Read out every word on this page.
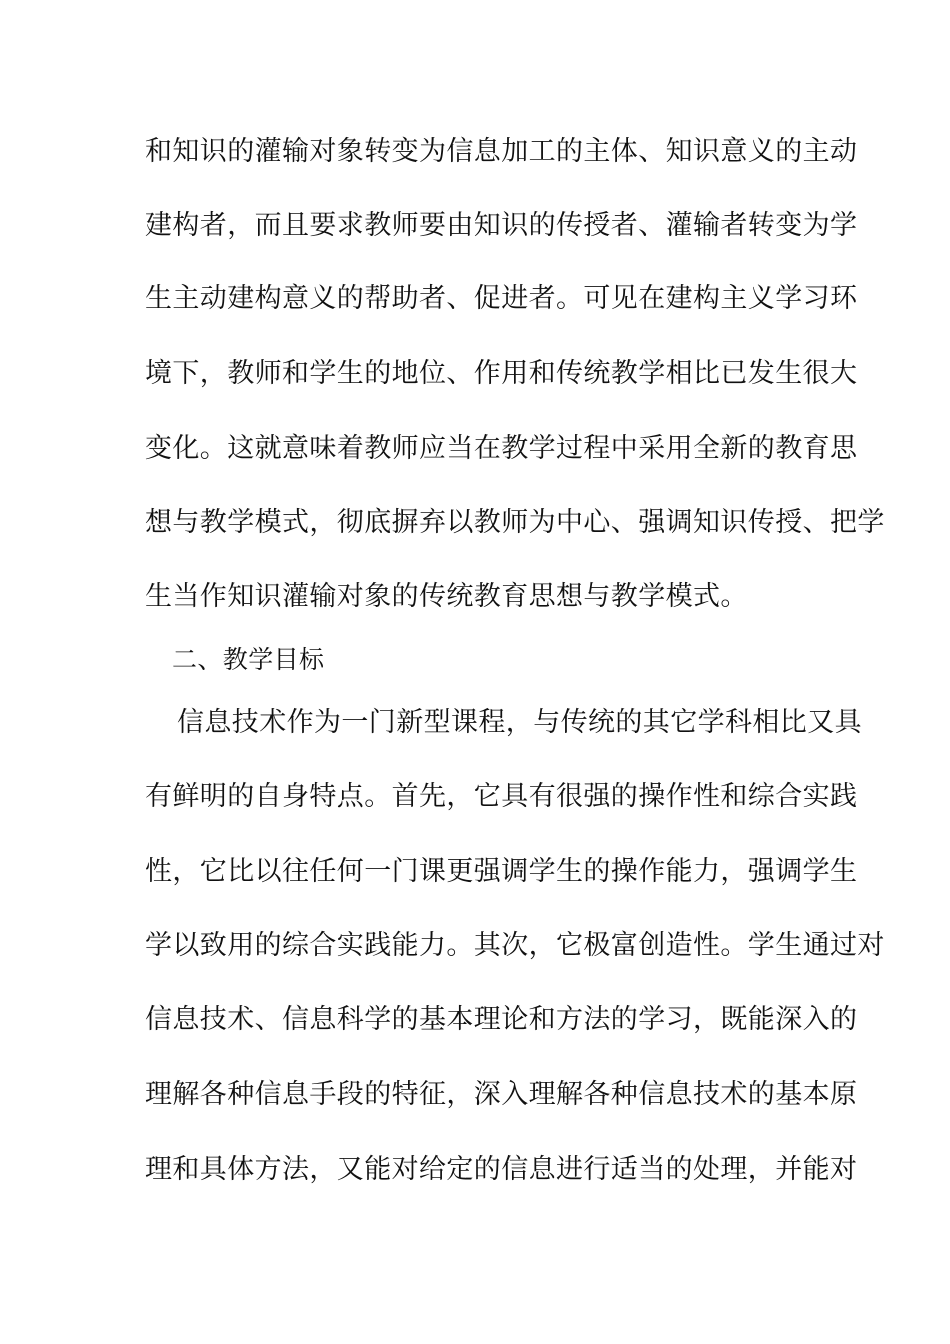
和知识的灌输对象转变为信息加工的主体、知识意义的主动
建构者，而且要求教师要由知识的传授者、灌输者转变为学
生主动建构意义的帮助者、促进者。可见在建构主义学习环
境下，教师和学生的地位、作用和传统教学相比已发生很大
变化。这就意味着教师应当在教学过程中采用全新的教育思
想与教学模式，彻底摒弃以教师为中心、强调知识传授、把学
生当作知识灌输对象的传统教育思想与教学模式。
二、教学目标
信息技术作为一门新型课程，与传统的其它学科相比又具
有鲜明的自身特点。首先，它具有很强的操作性和综合实践
性，它比以往任何一门课更强调学生的操作能力，强调学生
学以致用的综合实践能力。其次，它极富创造性。学生通过对
信息技术、信息科学的基本理论和方法的学习，既能深入的
理解各种信息手段的特征，深入理解各种信息技术的基本原
理和具体方法，又能对给定的信息进行适当的处理，并能对
